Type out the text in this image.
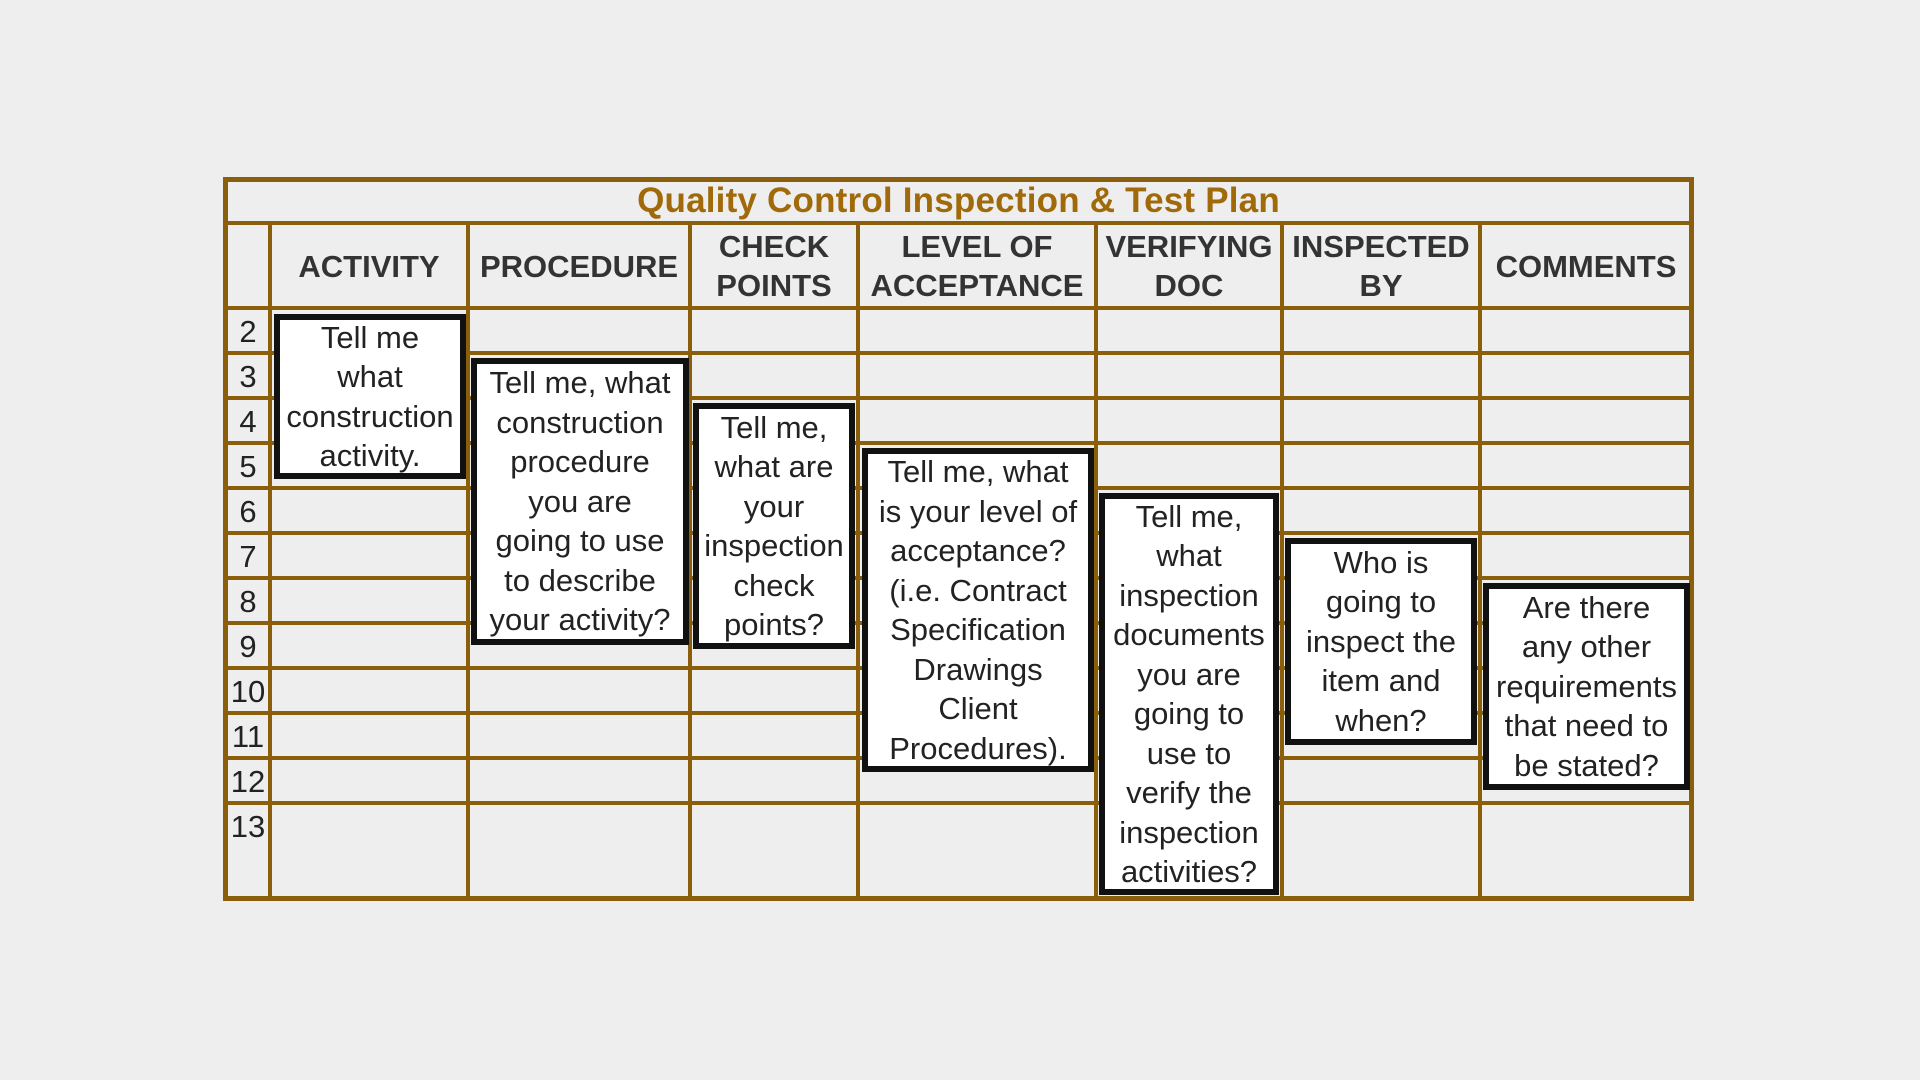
Quality Control Inspection & Test Plan
ACTIVITY	PROCEDURE
CHECK
POINTS
LEVEL OF
ACCEPTANCE
VERIFYING
DOC
INSPECTED
BY
COMMENTS
2
3
4
5
6
7
8
9
10
11
12
13
Tell me
what
construction
activity.
Tell me, what
construction
procedure
you are
going to use
to describe
your activity?
Tell me,
what are
your
inspection
check
points?
Tell me, what
is your level of
acceptance?
(i.e. Contract
Specification
Drawings
Client
Procedures).
Tell me,
what
inspection
documents
you are
going to
use to
verify the
inspection
activities?
Who is
going to
inspect the
item and
when?
Are there
any other
requirements
that need to
be stated?
